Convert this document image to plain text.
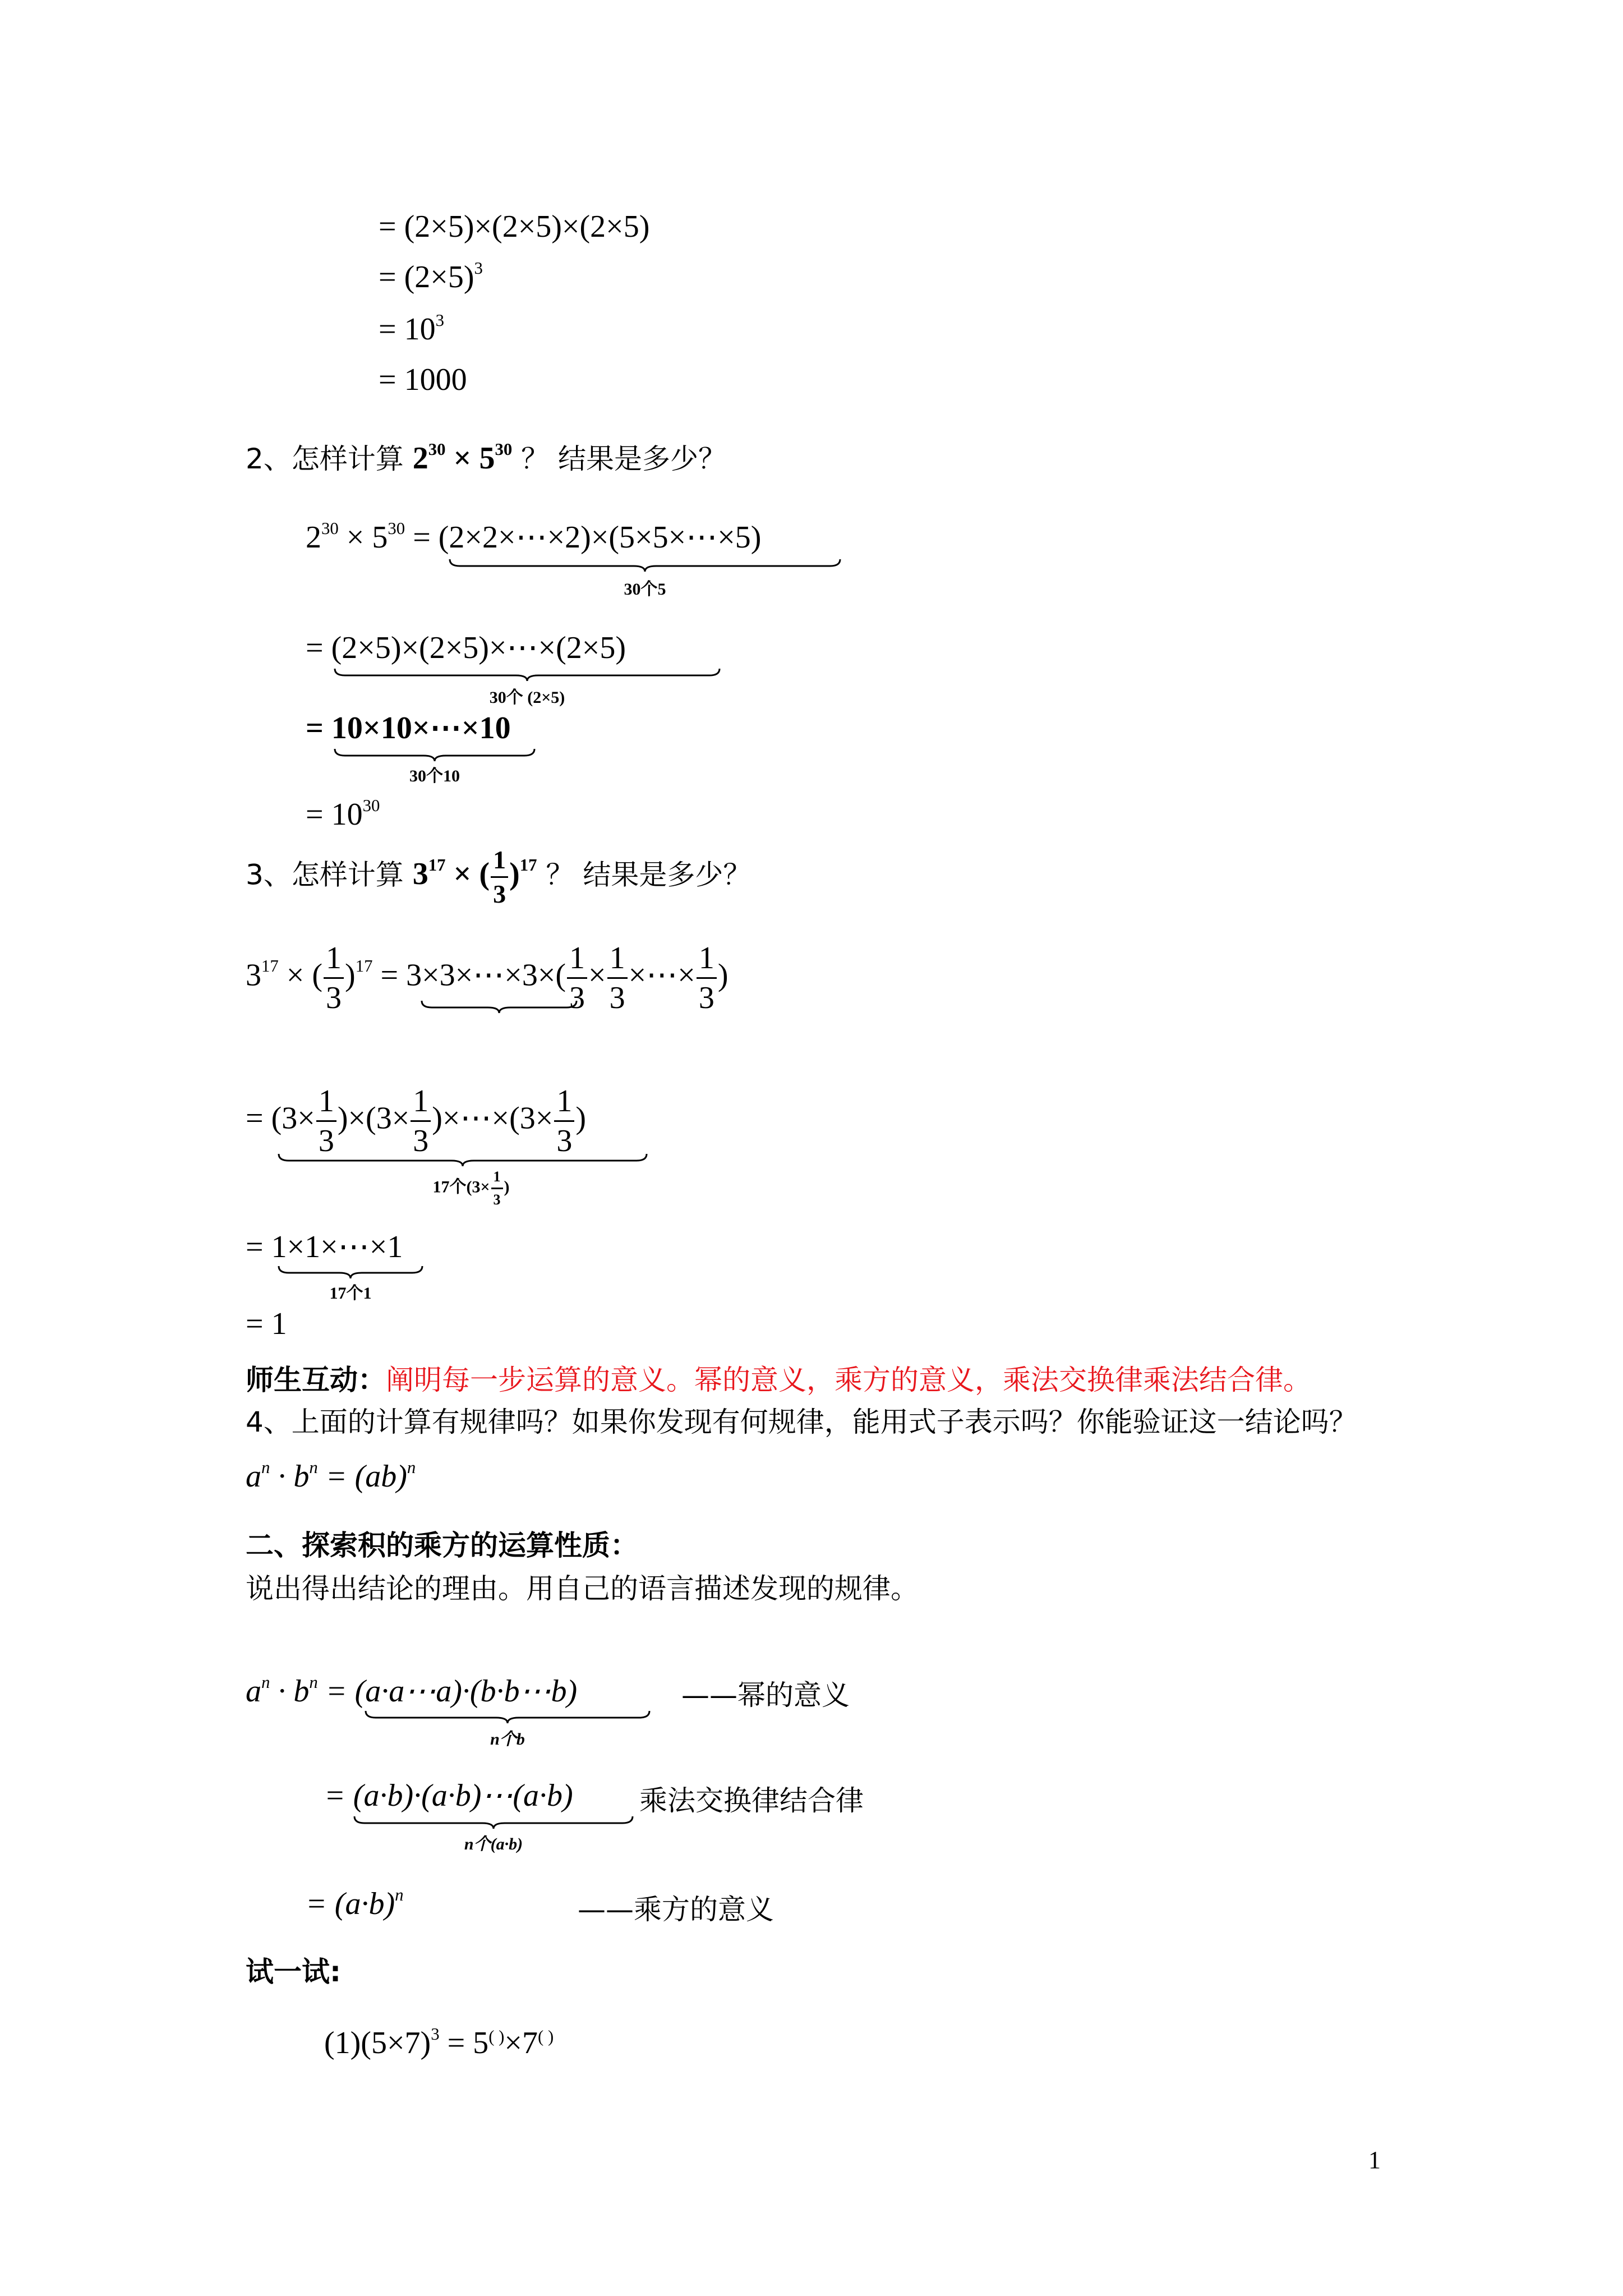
= (2×5)×(2×5)×(2×5)
= $(2\times 5)^3$
= $10^3$
= 1000
2、怎样计算 $2^{30} \times 5^{30}$ ？ 结果是多少？
$2^{30} \times 5^{30}$ = (2×2×⋯×2)×(5×5×⋯×5)
30个5
= (2×5)×(2×5)×⋯×(2×5)
30个 (2×5)
= 10×10×⋯×10
30个10
= $10^{30}$
3、怎样计算 $3^{17}$ × ( $\frac{1}{3} )^{17}$ ？ 结果是多少？
$3^{17}$ × ( $\frac{1}{3} )^{17}$ = 3×3×⋯×3×( $\frac{1}{3} \times \frac{1}{3}$ ×⋯× $\frac{1}{3}$ )
= $(3\times \frac{1}{3} )\times(3\times \frac{1}{3}$ )×⋯×(3× $\frac{1}{3}$ )
17个($3\times \frac{1}{3}$ )
= 1×1×⋯×1
17个1
= 1
师生互动：阐明每一步运算的意义。幂的意义，乘方的意义，乘法交换律乘法结合律。
4、上面的计算有规律吗？如果你发现有何规律，能用式子表示吗？你能验证这一结论吗？
$a^n \cdot b^n = (ab)^n$
二、探索积的乘方的运算性质：
说出得出结论的理由。用自己的语言描述发现的规律。
$a^n \cdot b^n$ = (a·a⋯a)·(b·b⋯b)	——幂的意义
n个b
= (a·b)·(a·b)⋯(a·b) 乘法交换律结合律
n个(a·b)
= $(a\cdot b)^n$	——乘方的意义
试一试:
$(1)(5\times 7)^3 = 5^{( )}\times 7^{( )}$
1
